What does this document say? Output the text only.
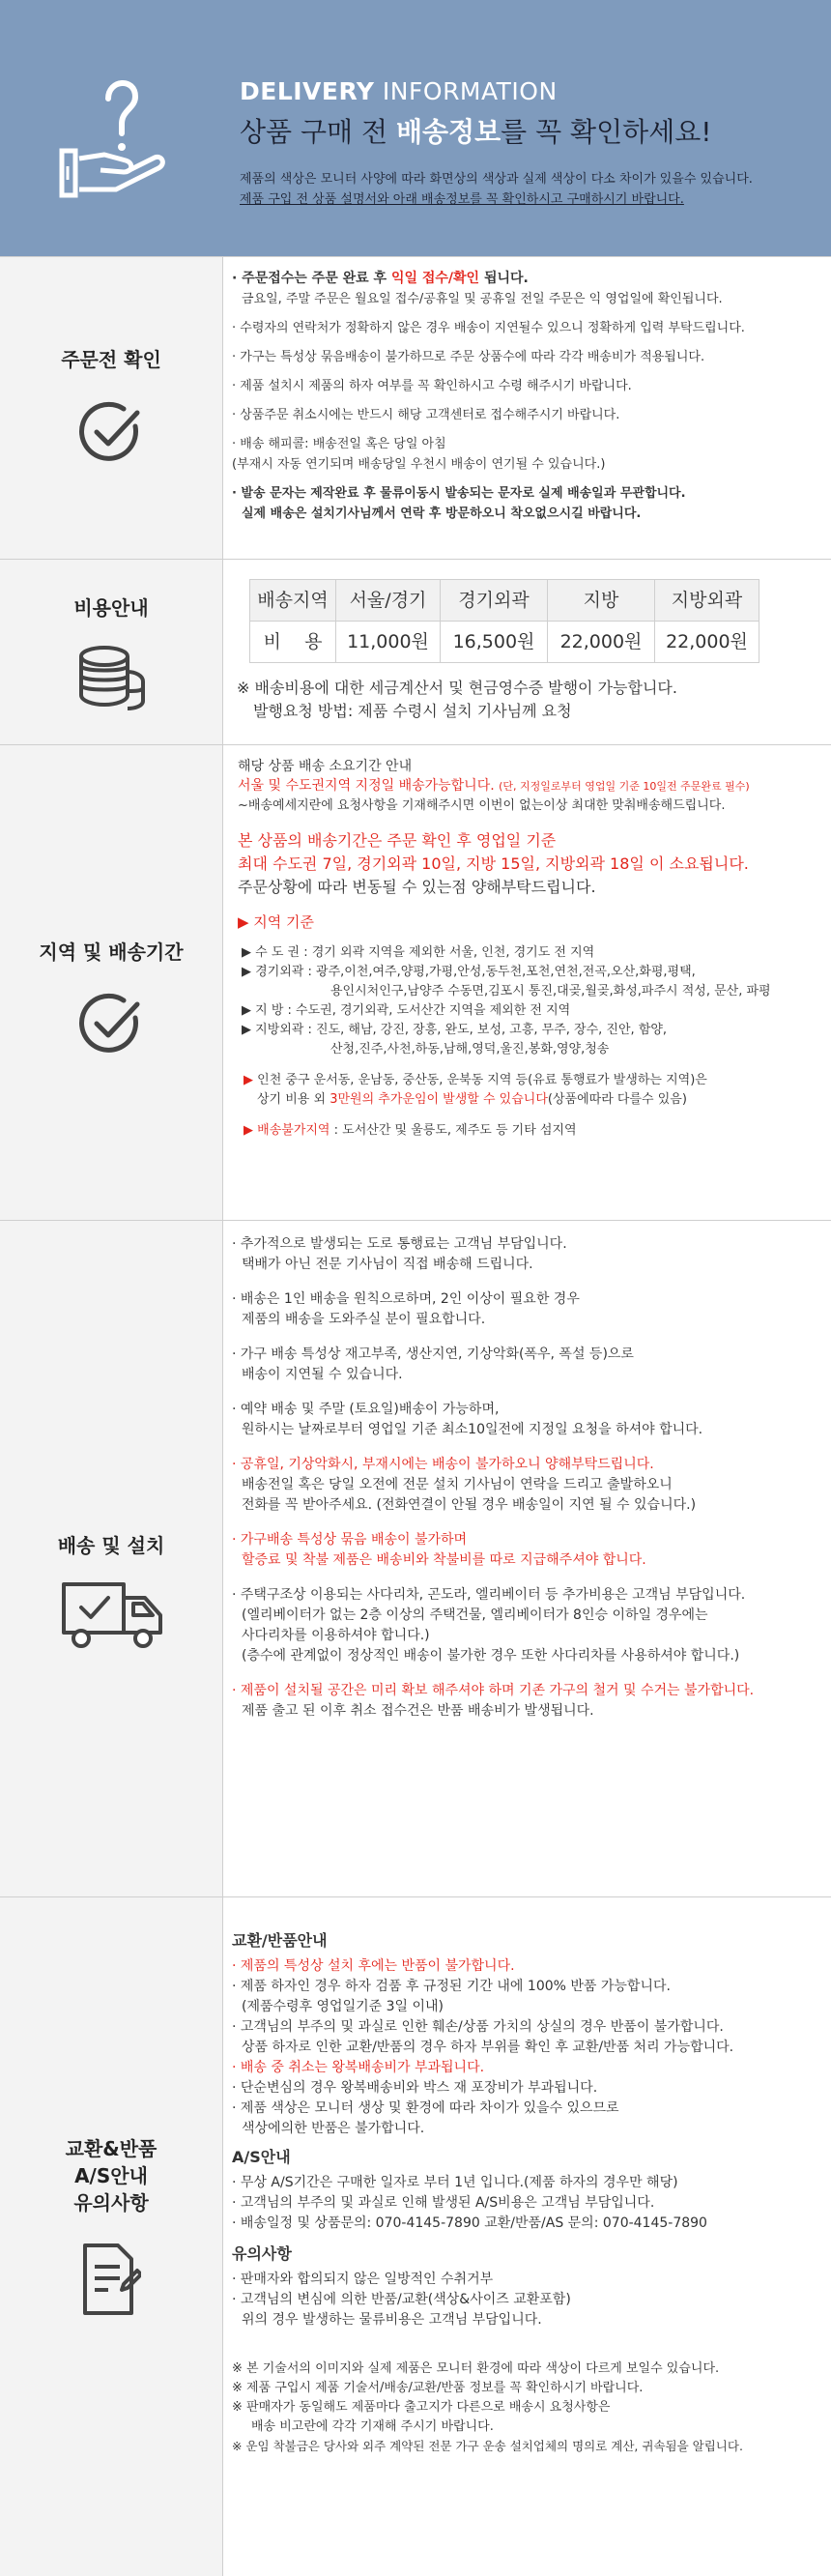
DELIVERY INFORMATION
상품 구매 전 배송정보를 꼭 확인하세요!

제품의 색상은 모니터 사양에 따라 화면상의 색상과 실제 색상이 다소 차이가 있을수 있습니다.
제품 구입 전 상품 설명서와 아래 배송정보를 꼭 확인하시고 구매하시기 바랍니다.

주문전 확인

· 주문접수는 주문 완료 후 익일 접수/확인 됩니다.

금요일, 주말 주문은 월요일 접수/공휴일 및 공휴일 전일 주문은 익 영업일에 확인됩니다.

· 수령자의 연락처가 정확하지 않은 경우 배송이 지연될수 있으니 정확하게 입력 부탁드립니다.

· 가구는 특성상 묶음배송이 불가하므로 주문 상품수에 따라 각각 배송비가 적용됩니다.

· 제품 설치시 제품의 하자 여부를 꼭 확인하시고 수령 해주시기 바랍니다.

· 상품주문 취소시에는 반드시 해당 고객센터로 접수해주시기 바랍니다.

· 배송 해피콜: 배송전일 혹은 당일 아침

(부재시 자동 연기되며 배송당일 우천시 배송이 연기될 수 있습니다.)

· 발송 문자는 제작완료 후 물류이동시 발송되는 문자로 실제 배송일과 무관합니다.

실제 배송은 설치기사님께서 연락 후 방문하오니 착오없으시길 바랍니다.

비용안내	배송지역	서울/경기	경기외곽	지방	지방외곽
비    용	11,000원	16,500원	22,000원	22,000원

※ 배송비용에 대한 세금계산서 및 현금영수증 발행이 가능합니다.

발행요청 방법: 제품 수령시 설치 기사님께 요청

지역 및 배송기간

해당 상품 배송 소요기간 안내

서울 및 수도권지역 지정일 배송가능합니다. (단, 지정일로부터 영업일 기준 10일전 주문완료 필수)

~배송예세지란에 요청사항을 기재해주시면 이번이 없는이상 최대한 맞춰배송해드립니다.

본 상품의 배송기간은 주문 확인 후 영업일 기준

최대 수도권 7일, 경기외곽 10일, 지방 15일, 지방외곽 18일 이 소요됩니다.

주문상황에 따라 변동될 수 있는점 양해부탁드립니다.

▶ 지역 기준

▶ 수 도 권 : 경기 외곽 지역을 제외한 서울, 인천, 경기도 전 지역

▶ 경기외곽 : 광주,이천,여주,양평,가평,안성,동두천,포천,연천,전곡,오산,화평,평택,

용인시처인구,남양주 수동면,김포시 통진,대곶,월곶,화성,파주시 적성, 문산, 파평

▶ 지 방 : 수도권, 경기외곽, 도서산간 지역을 제외한 전 지역

▶ 지방외곽 : 진도, 해남, 강진, 장흥, 완도, 보성, 고흥, 무주, 장수, 진안, 함양,

산청,진주,사천,하동,남해,영덕,울진,봉화,영양,청송

▶ 인천 중구 운서동, 운남동, 중산동, 운북동 지역 등(유료 통행료가 발생하는 지역)은

상기 비용 외 3만원의 추가운임이 발생할 수 있습니다(상품에따라 다를수 있음)

▶ 배송불가지역 : 도서산간 및 울릉도, 제주도 등 기타 섬지역

배송 및 설치

· 추가적으로 발생되는 도로 통행료는 고객님 부담입니다.

택배가 아닌 전문 기사님이 직접 배송해 드립니다.

· 배송은 1인 배송을 원칙으로하며, 2인 이상이 필요한 경우

제품의 배송을 도와주실 분이 필요합니다.

· 가구 배송 특성상 재고부족, 생산지연, 기상악화(폭우, 폭설 등)으로

배송이 지연될 수 있습니다.

· 예약 배송 및 주말 (토요일)배송이 가능하며,

원하시는 날짜로부터 영업일 기준 최소10일전에 지정일 요청을 하셔야 합니다.

· 공휴일, 기상악화시, 부재시에는 배송이 불가하오니 양해부탁드립니다.

배송전일 혹은 당일 오전에 전문 설치 기사님이 연락을 드리고 출발하오니

전화를 꼭 받아주세요. (전화연결이 안될 경우 배송일이 지연 될 수 있습니다.)

· 가구배송 특성상 묶음 배송이 불가하며

할증료 및 착불 제품은 배송비와 착불비를 따로 지급해주셔야 합니다.

· 주택구조상 이용되는 사다리차, 곤도라, 엘리베이터 등 추가비용은 고객님 부담입니다.

(엘리베이터가 없는 2층 이상의 주택건물, 엘리베이터가 8인승 이하일 경우에는

사다리차를 이용하셔야 합니다.)

(층수에 관계없이 정상적인 배송이 불가한 경우 또한 사다리차를 사용하셔야 합니다.)

· 제품이 설치될 공간은 미리 확보 해주셔야 하며 기존 가구의 철거 및 수거는 불가합니다.

제품 출고 된 이후 취소 접수건은 반품 배송비가 발생됩니다.

교환&반품
A/S안내
유의사항

교환/반품안내

· 제품의 특성상 설치 후에는 반품이 불가합니다.

· 제품 하자인 경우 하자 검품 후 규정된 기간 내에 100% 반품 가능합니다.

(제품수령후 영업일기준 3일 이내)

· 고객님의 부주의 및 과실로 인한 훼손/상품 가치의 상실의 경우 반품이 불가합니다.

상품 하자로 인한 교환/반품의 경우 하자 부위를 확인 후 교환/반품 처리 가능합니다.

· 배송 중 취소는 왕복배송비가 부과됩니다.

· 단순변심의 경우 왕복배송비와 박스 재 포장비가 부과됩니다.

· 제품 색상은 모니터 생상 및 환경에 따라 차이가 있을수 있으므로

색상에의한 반품은 불가합니다.

A/S안내

· 무상 A/S기간은 구매한 일자로 부터 1년 입니다.(제품 하자의 경우만 해당)

· 고객님의 부주의 및 과실로 인해 발생된 A/S비용은 고객님 부담입니다.

· 배송일정 및 상품문의: 070-4145-7890 교환/반품/AS 문의: 070-4145-7890

유의사항

· 판매자와 합의되지 않은 일방적인 수취거부

· 고객님의 변심에 의한 반품/교환(색상&사이즈 교환포함)

위의 경우 발생하는 물류비용은 고객님 부담입니다.

※ 본 기술서의 이미지와 실제 제품은 모니터 환경에 따라 색상이 다르게 보일수 있습니다.

※ 제품 구입시 제품 기술서/배송/교환/반품 정보를 꼭 확인하시기 바랍니다.

※ 판매자가 동일해도 제품마다 출고지가 다른으로 배송시 요청사항은

배송 비고란에 각각 기재해 주시기 바랍니다.

※ 운임 착불금은 당사와 외주 계약된 전문 가구 운송 설치업체의 명의로 계산, 귀속됨을 알립니다.
